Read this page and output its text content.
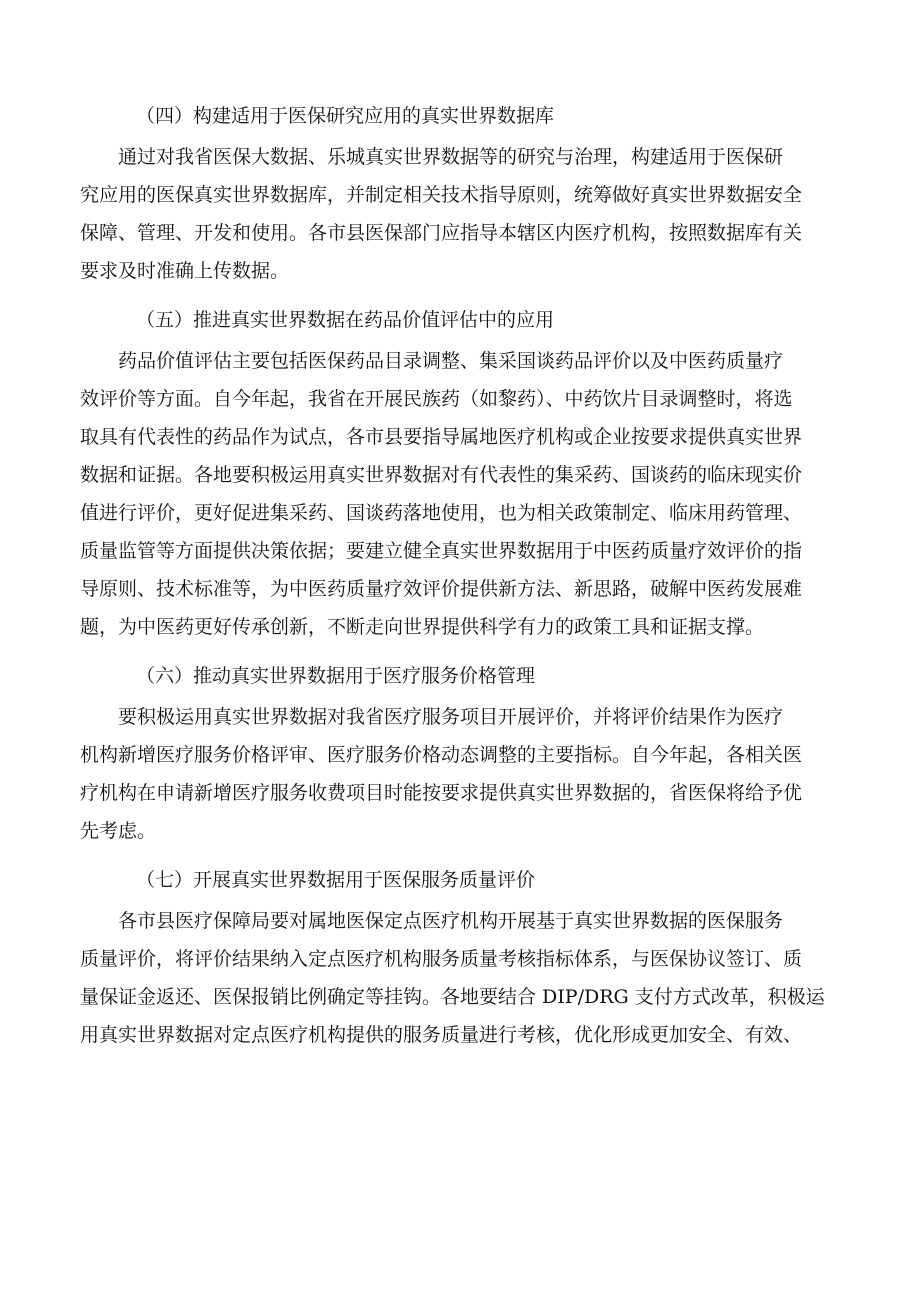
（四）构建适用于医保研究应用的真实世界数据库
通过对我省医保大数据、乐城真实世界数据等的研究与治理，构建适用于医保研
究应用的医保真实世界数据库，并制定相关技术指导原则，统筹做好真实世界数据安全
保障、管理、开发和使用。各市县医保部门应指导本辖区内医疗机构，按照数据库有关
要求及时准确上传数据。
（五）推进真实世界数据在药品价值评估中的应用
药品价值评估主要包括医保药品目录调整、集采国谈药品评价以及中医药质量疗
效评价等方面。自今年起，我省在开展民族药（如黎药）、中药饮片目录调整时，将选
取具有代表性的药品作为试点，各市县要指导属地医疗机构或企业按要求提供真实世界
数据和证据。各地要积极运用真实世界数据对有代表性的集采药、国谈药的临床现实价
值进行评价，更好促进集采药、国谈药落地使用，也为相关政策制定、临床用药管理、
质量监管等方面提供决策依据；要建立健全真实世界数据用于中医药质量疗效评价的指
导原则、技术标准等，为中医药质量疗效评价提供新方法、新思路，破解中医药发展难
题，为中医药更好传承创新，不断走向世界提供科学有力的政策工具和证据支撑。
（六）推动真实世界数据用于医疗服务价格管理
要积极运用真实世界数据对我省医疗服务项目开展评价，并将评价结果作为医疗
机构新增医疗服务价格评审、医疗服务价格动态调整的主要指标。自今年起，各相关医
疗机构在申请新增医疗服务收费项目时能按要求提供真实世界数据的，省医保将给予优
先考虑。
（七）开展真实世界数据用于医保服务质量评价
各市县医疗保障局要对属地医保定点医疗机构开展基于真实世界数据的医保服务
质量评价，将评价结果纳入定点医疗机构服务质量考核指标体系，与医保协议签订、质
量保证金返还、医保报销比例确定等挂钩。各地要结合 DIP/DRG 支付方式改革，积极运
用真实世界数据对定点医疗机构提供的服务质量进行考核，优化形成更加安全、有效、
